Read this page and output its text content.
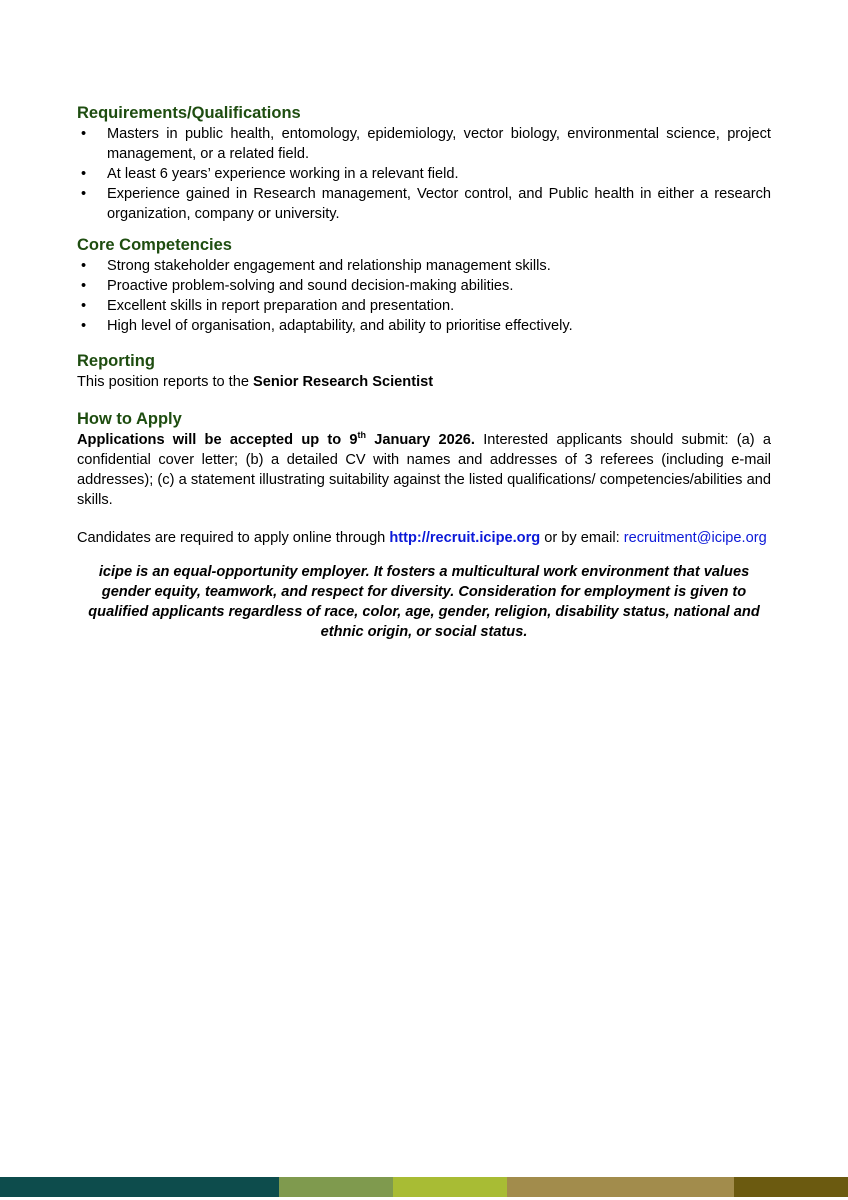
Requirements/Qualifications
•	Masters in public health, entomology, epidemiology, vector biology, environmental science, project management, or a related field.
•	At least 6 years’ experience working in a relevant field.
•	Experience gained in Research management, Vector control, and Public health in either a research organization, company or university.
Core Competencies
•	Strong stakeholder engagement and relationship management skills.
•	Proactive problem-solving and sound decision-making abilities.
•	Excellent skills in report preparation and presentation.
•	High level of organisation, adaptability, and ability to prioritise effectively.
Reporting

This position reports to the Senior Research Scientist

How to Apply

Applications will be accepted up to 9th January 2026. Interested applicants should submit: (a) a confidential cover letter; (b) a detailed CV with names and addresses of 3 referees (including e-mail addresses); (c) a statement illustrating suitability against the listed qualifications/ competencies/abilities and skills.

Candidates are required to apply online through http://recruit.icipe.org or by email: recruitment@icipe.org

icipe is an equal-opportunity employer. It fosters a multicultural work environment that values gender equity, teamwork, and respect for diversity. Consideration for employment is given to qualified applicants regardless of race, color, age, gender, religion, disability status, national and ethnic origin, or social status.
